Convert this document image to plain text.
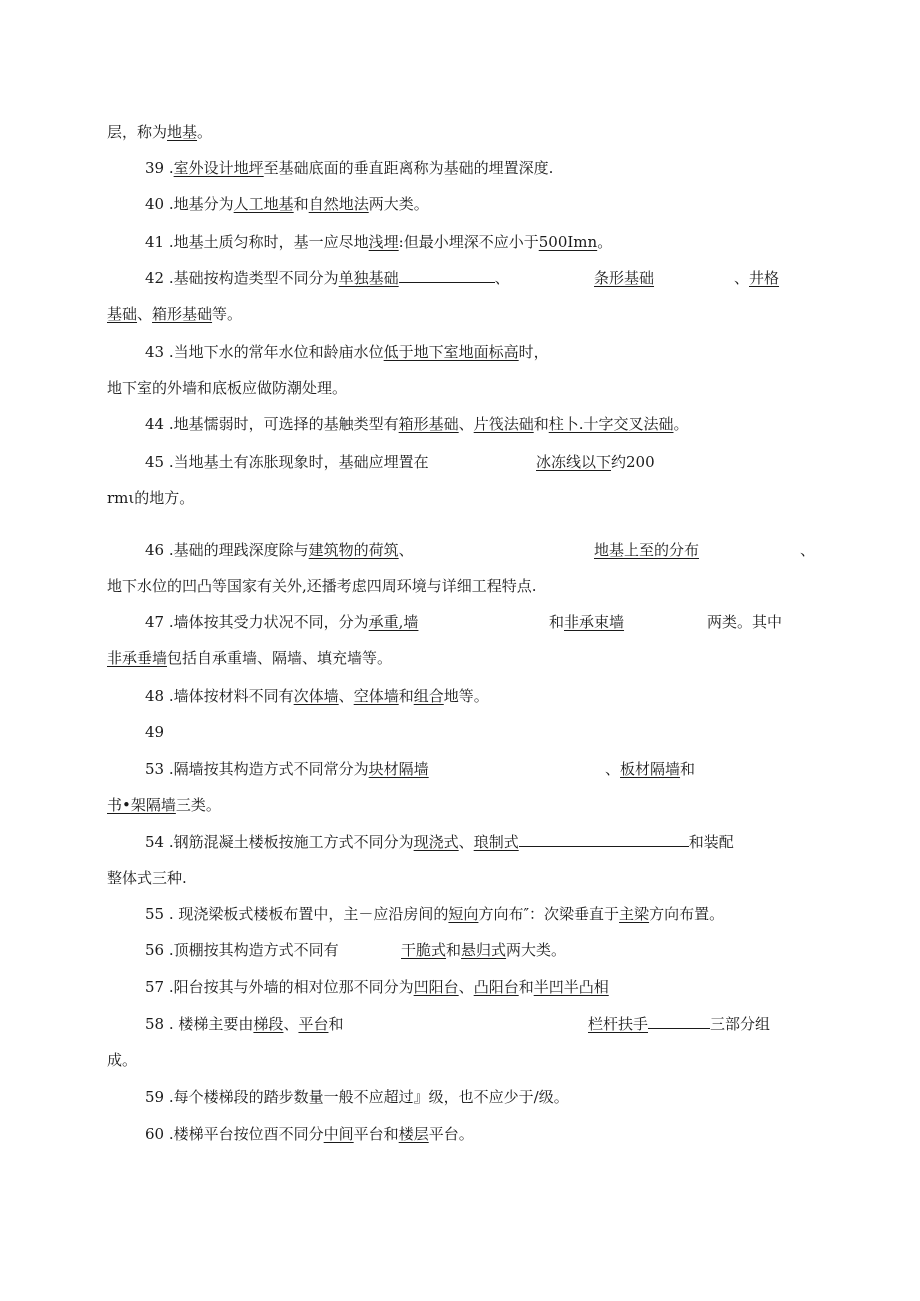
层，称为地基。
39 .室外设计地坪至基础底面的垂直距离称为基础的埋置深度.
40 .地基分为人工地基和自然地法两大类。
41 .地基土质匀称时，基一应尽地浅埋:但最小埋深不应小于500Imn。
42 .基础按构造类型不同分为单独基础	、	条形基础	、井格
基础、箱形基础等。
43 .当地下水的常年水位和龄庙水位低于地下室地面标高时，
地下室的外墙和底板应做防潮处理。
44 .地基懦弱时，可选择的基触类型有箱形基础、片筏法础和柱卜.十字交叉法础。
45 .当地基土有冻胀现象时，基础应埋置在	冰冻线以下约200
rmι的地方。
46 .基础的理践深度除与建筑物的荷筑、	地基上至的分布	、
地下水位的凹凸等国家有关外,还播考虑四周环境与详细工程特点.
47 .墙体按其受力状况不同，分为承重,墙	和非承束墙	两类。其中
非承垂墙包括自承重墙、隔墙、填充墙等。
48 .墙体按材料不同有次体墙、空体墙和组合地等。
49
53 .隔墙按其构造方式不同常分为块材隔墙	、板材隔墙和
书•架隔墙三类。
54 .钢筋混凝土楼板按施工方式不同分为现浇式、琅制式	和装配
整体式三种.
55 . 现浇梁板式楼板布置中，主－应沿房间的短向方向布″：次梁垂直于主梁方向布置。
56 .顶棚按其构造方式不同有	干脆式和悬归式两大类。
57 .阳台按其与外墙的相对位那不同分为凹阳台、凸阳台和半凹半凸相
58 . 楼梯主要由梯段、平台和	栏杆扶手	三部分组
成。
59 .每个楼梯段的踏步数量一般不应超过』级，也不应少于/级。
60 .楼梯平台按位酉不同分中间平台和楼层平台。
